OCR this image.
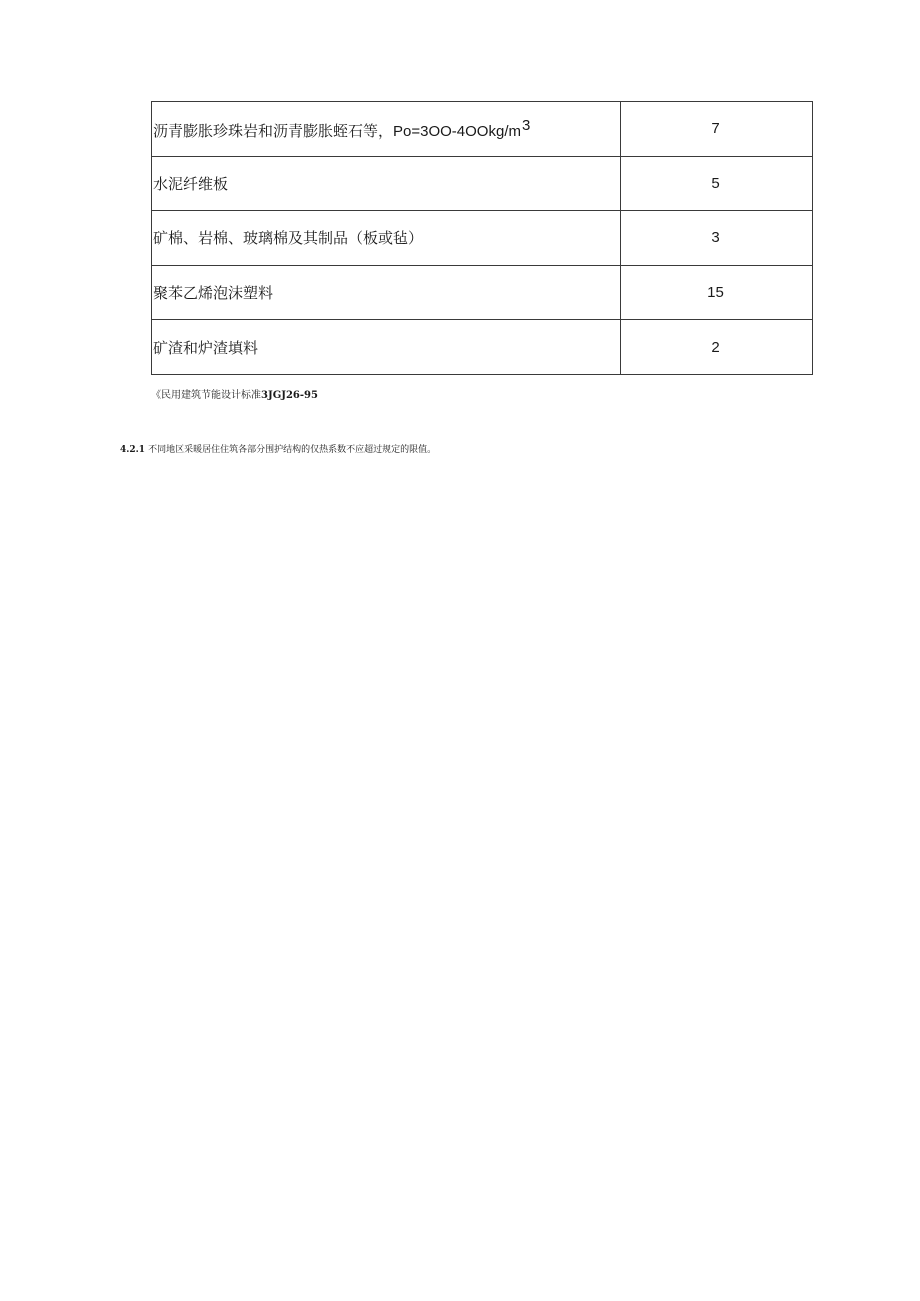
沥青膨胀珍珠岩和沥青膨胀蛭石等，Po=3OO-4OOkg/m3	7
水泥纤维板	5
矿棉、岩棉、玻璃棉及其制品（板或毡）	3
聚苯乙烯泡沫塑料	15
矿渣和炉渣填料	2
《民用建筑节能设计标准3JGJ26-95
4.2.1 不同地区采暖居住住筑各部分围护结构的仅热系数不应超过规定的限值。
